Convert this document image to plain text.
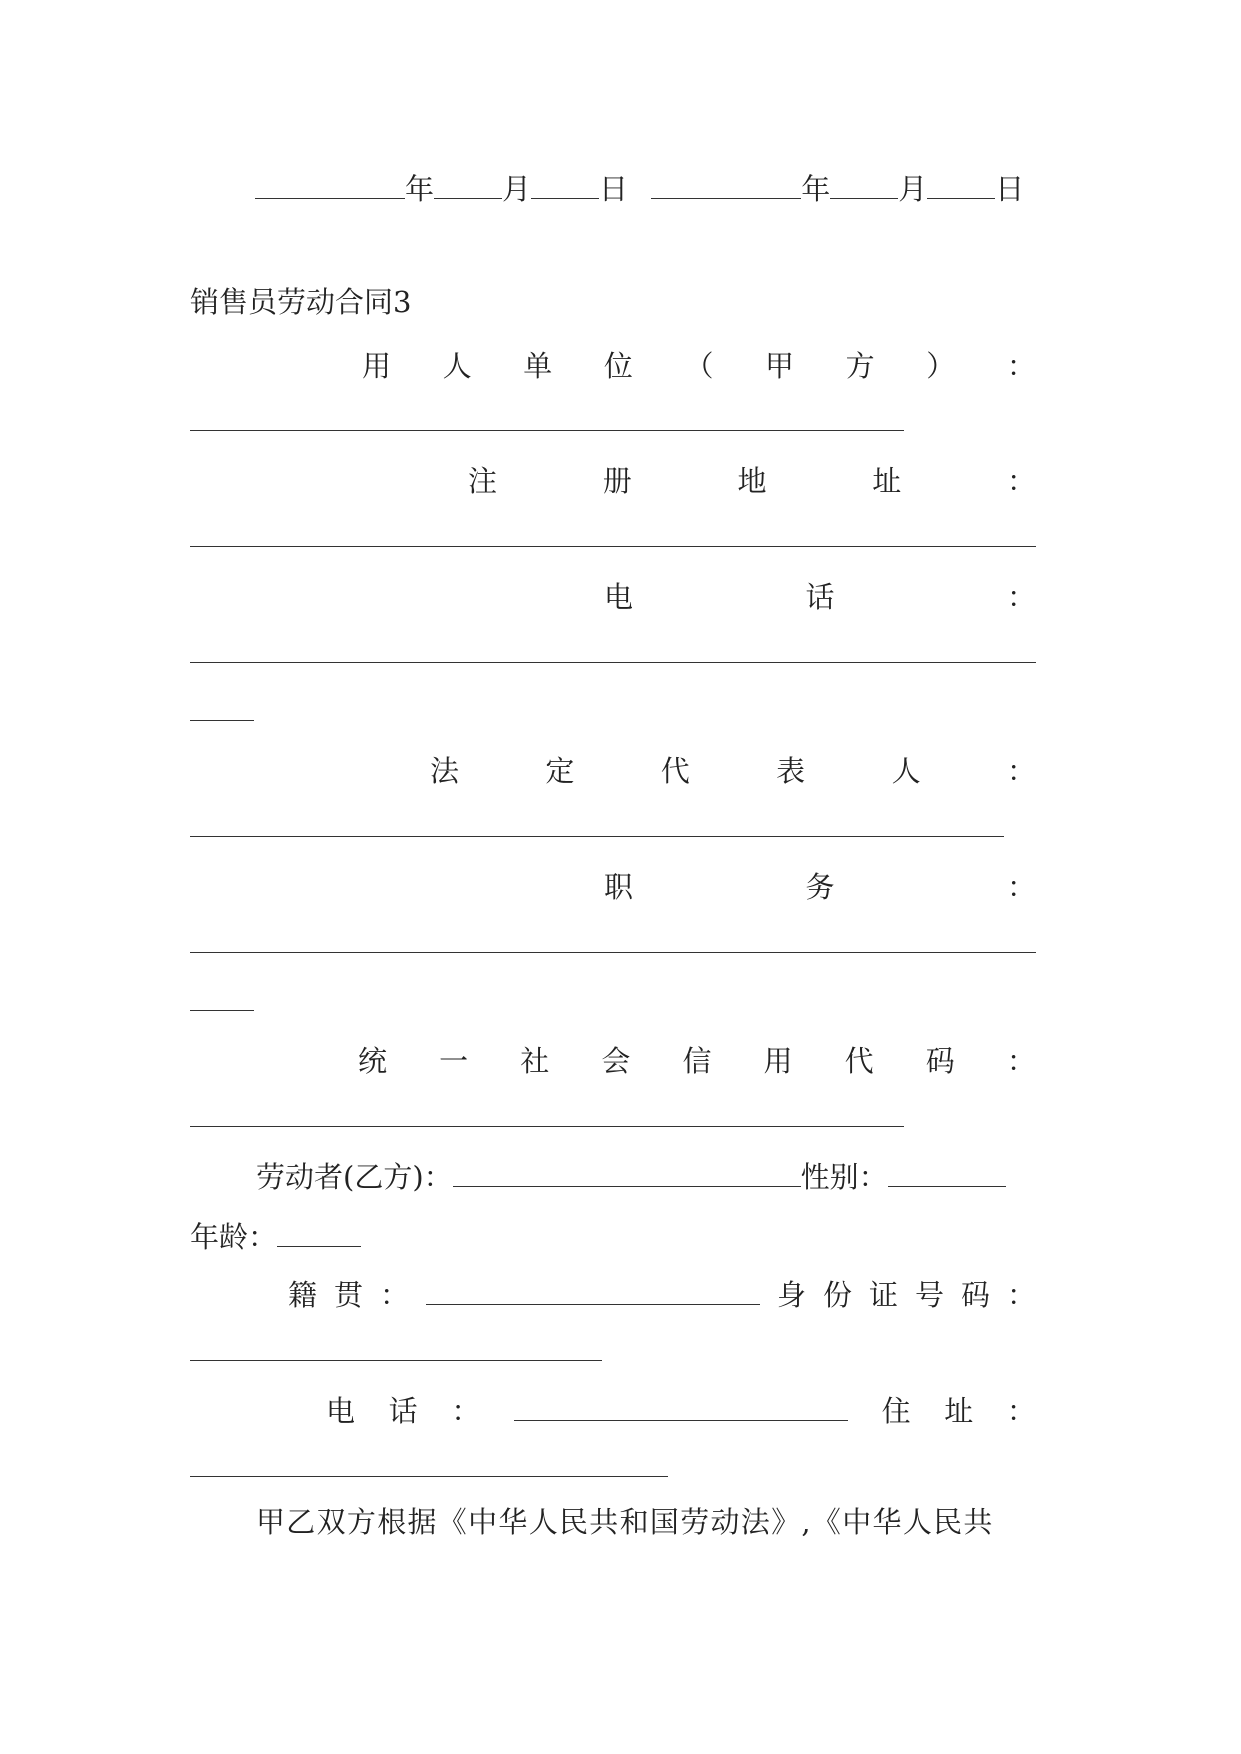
年 月 日	年 月 日
销售员劳动合同3
用 人 单 位 （ 甲 方 ） ：
注	册	地	址	：
电	话	：
法	定	代	表	人	：
职	务	：
统 一 社 会 信 用 代 码 ：
劳动者(乙方)：	性别：
年龄：
籍 贯 ：	身 份 证 号 码 ：
电 话 ：	住 址 ：
甲乙双方根据《中华人民共和国劳动法》,《中华人民共
